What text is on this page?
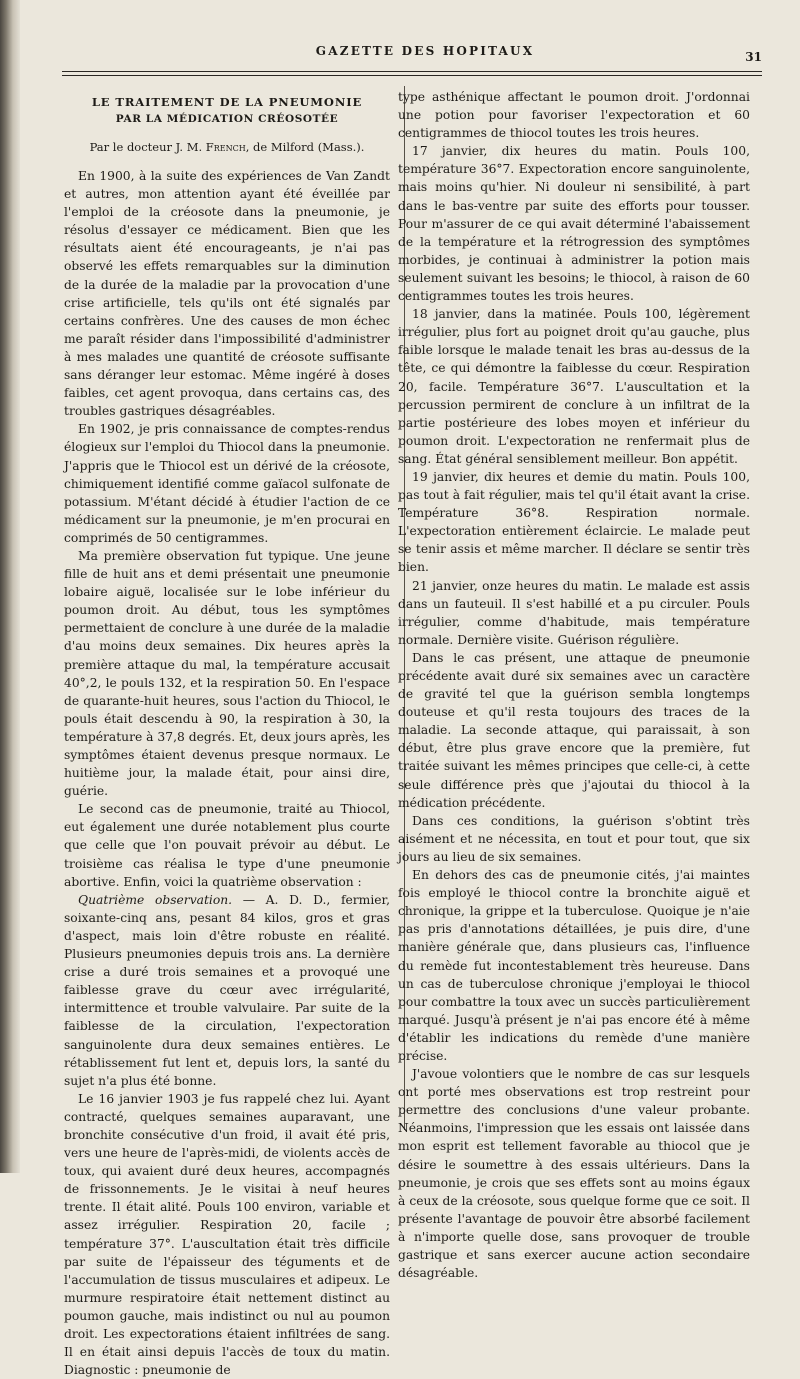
GAZETTE DES HOPITAUX	31
LE TRAITEMENT DE LA PNEUMONIE
PAR LA MÉDICATION CRÉOSOTÉE
Par le docteur J. M. French, de Milford (Mass.).

En 1900, à la suite des expériences de Van Zandt et autres, mon attention ayant été éveillée par l'emploi de la créosote dans la pneumonie, je résolus d'essayer ce médicament. Bien que les résultats aient été encourageants, je n'ai pas observé les effets remarquables sur la diminution de la durée de la maladie par la provocation d'une crise artificielle, tels qu'ils ont été signalés par certains confrères. Une des causes de mon échec me paraît résider dans l'impossibilité d'administrer à mes malades une quantité de créosote suffisante sans déranger leur estomac. Même ingéré à doses faibles, cet agent provoqua, dans certains cas, des troubles gastriques désagréables.

En 1902, je pris connaissance de comptes-rendus élogieux sur l'emploi du Thiocol dans la pneumonie. J'appris que le Thiocol est un dérivé de la créosote, chimiquement identifié comme gaïacol sulfonate de potassium. M'étant décidé à étudier l'action de ce médicament sur la pneumonie, je m'en procurai en comprimés de 50 centigrammes.

Ma première observation fut typique. Une jeune fille de huit ans et demi présentait une pneumonie lobaire aiguë, localisée sur le lobe inférieur du poumon droit. Au début, tous les symptômes permettaient de conclure à une durée de la maladie d'au moins deux semaines. Dix heures après la première attaque du mal, la température accusait 40°,2, le pouls 132, et la respiration 50. En l'espace de quarante-huit heures, sous l'action du Thiocol, le pouls était descendu à 90, la respiration à 30, la température à 37,8 degrés. Et, deux jours après, les symptômes étaient devenus presque normaux. Le huitième jour, la malade était, pour ainsi dire, guérie.

Le second cas de pneumonie, traité au Thiocol, eut également une durée notablement plus courte que celle que l'on pouvait prévoir au début. Le troisième cas réalisa le type d'une pneumonie abortive. Enfin, voici la quatrième observation :

Quatrième observation. — A. D. D., fermier, soixante-cinq ans, pesant 84 kilos, gros et gras d'aspect, mais loin d'être robuste en réalité. Plusieurs pneumonies depuis trois ans. La dernière crise a duré trois semaines et a provoqué une faiblesse grave du cœur avec irrégularité, intermittence et trouble valvulaire. Par suite de la faiblesse de la circulation, l'expectoration sanguinolente dura deux semaines entières. Le rétablissement fut lent et, depuis lors, la santé du sujet n'a plus été bonne.

Le 16 janvier 1903 je fus rappelé chez lui. Ayant contracté, quelques semaines auparavant, une bronchite consécutive d'un froid, il avait été pris, vers une heure de l'après-midi, de violents accès de toux, qui avaient duré deux heures, accompagnés de frissonnements. Je le visitai à neuf heures trente. Il était alité. Pouls 100 environ, variable et assez irrégulier. Respiration 20, facile ; température 37°. L'auscultation était très difficile par suite de l'épaisseur des téguments et de l'accumulation de tissus musculaires et adipeux. Le murmure respiratoire était nettement distinct au poumon gauche, mais indistinct ou nul au poumon droit. Les expectorations étaient infiltrées de sang. Il en était ainsi depuis l'accès de toux du matin. Diagnostic : pneumonie de

type asthénique affectant le poumon droit. J'ordonnai une potion pour favoriser l'expectoration et 60 centigrammes de thiocol toutes les trois heures.

17 janvier, dix heures du matin. Pouls 100, température 36°7. Expectoration encore sanguinolente, mais moins qu'hier. Ni douleur ni sensibilité, à part dans le bas-ventre par suite des efforts pour tousser. Pour m'assurer de ce qui avait déterminé l'abaissement de la température et la rétrogression des symptômes morbides, je continuai à administrer la potion mais seulement suivant les besoins; le thiocol, à raison de 60 centigrammes toutes les trois heures.

18 janvier, dans la matinée. Pouls 100, légèrement irrégulier, plus fort au poignet droit qu'au gauche, plus faible lorsque le malade tenait les bras au-dessus de la tête, ce qui démontre la faiblesse du cœur. Respiration 20, facile. Température 36°7. L'auscultation et la percussion permirent de conclure à un infiltrat de la partie postérieure des lobes moyen et inférieur du poumon droit. L'expectoration ne renfermait plus de sang. État général sensiblement meilleur. Bon appétit.

19 janvier, dix heures et demie du matin. Pouls 100, pas tout à fait régulier, mais tel qu'il était avant la crise. Température 36°8. Respiration normale. L'expectoration entièrement éclaircie. Le malade peut se tenir assis et même marcher. Il déclare se sentir très bien.

21 janvier, onze heures du matin. Le malade est assis dans un fauteuil. Il s'est habillé et a pu circuler. Pouls irrégulier, comme d'habitude, mais température normale. Dernière visite. Guérison régulière.

Dans le cas présent, une attaque de pneumonie précédente avait duré six semaines avec un caractère de gravité tel que la guérison sembla longtemps douteuse et qu'il resta toujours des traces de la maladie. La seconde attaque, qui paraissait, à son début, être plus grave encore que la première, fut traitée suivant les mêmes principes que celle-ci, à cette seule différence près que j'ajoutai du thiocol à la médication précédente.

Dans ces conditions, la guérison s'obtint très aisément et ne nécessita, en tout et pour tout, que six jours au lieu de six semaines.

En dehors des cas de pneumonie cités, j'ai maintes fois employé le thiocol contre la bronchite aiguë et chronique, la grippe et la tuberculose. Quoique je n'aie pas pris d'annotations détaillées, je puis dire, d'une manière générale que, dans plusieurs cas, l'influence du remède fut incontestablement très heureuse. Dans un cas de tuberculose chronique j'employai le thiocol pour combattre la toux avec un succès particulièrement marqué. Jusqu'à présent je n'ai pas encore été à même d'établir les indications du remède d'une manière précise.

J'avoue volontiers que le nombre de cas sur lesquels ont porté mes observations est trop restreint pour permettre des conclusions d'une valeur probante. Néanmoins, l'impression que les essais ont laissée dans mon esprit est tellement favorable au thiocol que je désire le soumettre à des essais ultérieurs. Dans la pneumonie, je crois que ses effets sont au moins égaux à ceux de la créosote, sous quelque forme que ce soit. Il présente l'avantage de pouvoir être absorbé facilement à n'importe quelle dose, sans provoquer de trouble gastrique et sans exercer aucune action secondaire désagréable.
